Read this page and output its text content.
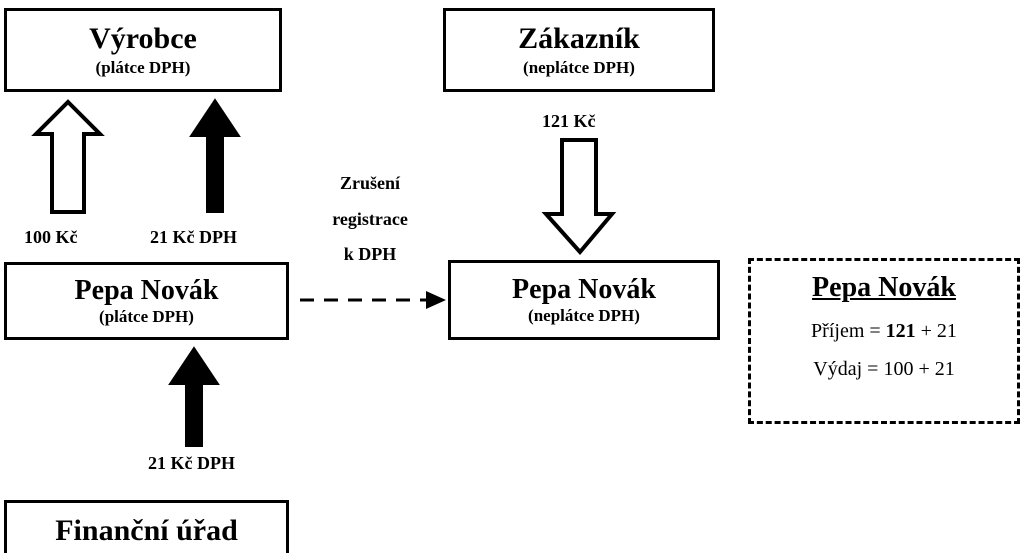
Výrobce
(plátce DPH)
Zákazník
(neplátce DPH)
Pepa Novák
(plátce DPH)
Pepa Novák
(neplátce DPH)
Finanční úřad
Pepa Novák
Příjem = 121 + 21
Výdaj = 100 + 21
100 Kč	21 Kč DPH
121 Kč
21 Kč DPH
Zrušení
registrace
k DPH
